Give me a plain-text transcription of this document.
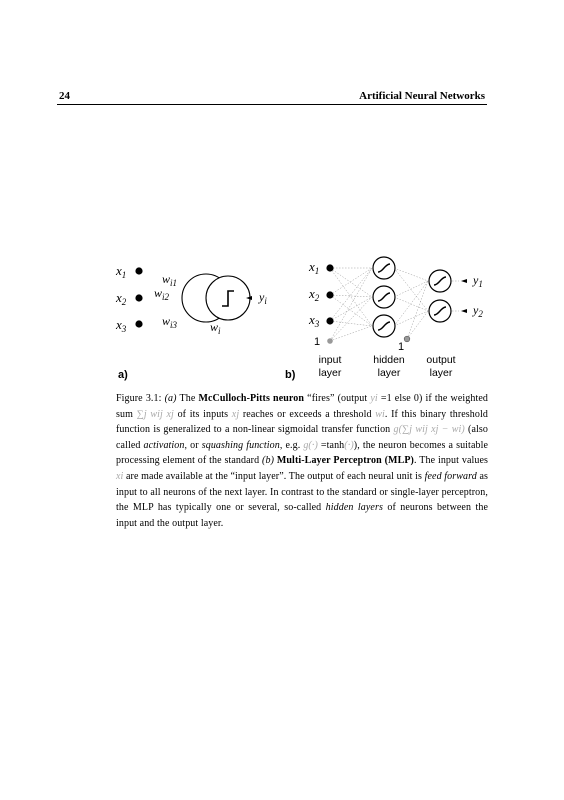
24	Artificial Neural Networks
$x_1$
$x_2$
$x_3$
$w_{i1}$
$w_{i2}$
$w_{i3}$
$y_i$
$w_i$
a)
$x_1$
$x_2$
$x_3$
1	1
$y_1$
$y_2$
input
layer
hidden
layer
output
layer
b)
Figure 3.1: (a) The McCulloch-Pitts neuron “fires” (output yi =1 else 0) if the weighted sum ∑j wij xj of its inputs xj reaches or exceeds a threshold wi. If this binary threshold function is generalized to a non-linear sigmoidal transfer function g(∑j wij xj − wi) (also called activation, or squashing function, e.g. g(·) =tanh(·)), the neuron becomes a suitable processing element of the standard (b) Multi-Layer Perceptron (MLP). The input values xi are made available at the “input layer”. The output of each neural unit is feed forward as input to all neurons of the next layer. In contrast to the standard or single-layer perceptron, the MLP has typically one or several, so-called hidden layers of neurons between the input and the output layer.
